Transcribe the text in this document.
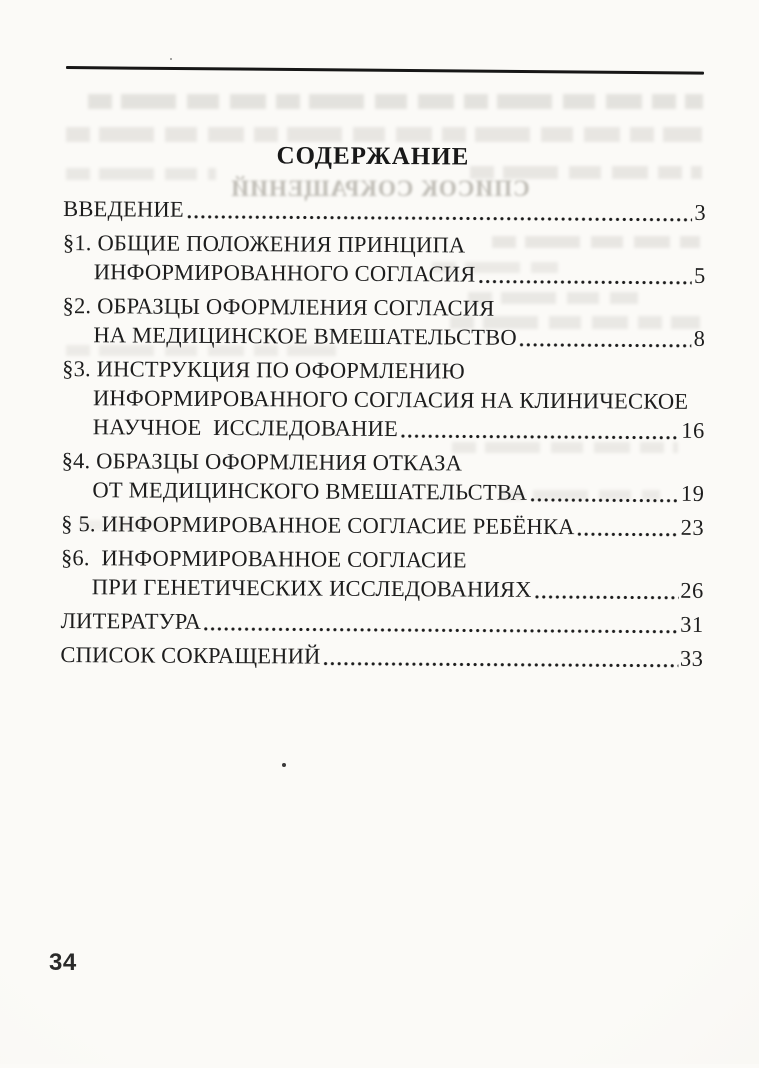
СПИСОК СОКРАЩЕНИЙ
СОДЕРЖАНИЕ
ВВЕДЕНИЕ	3
§1. ОБЩИЕ ПОЛОЖЕНИЯ ПРИНЦИПА
ИНФОРМИРОВАННОГО СОГЛАСИЯ	5
§2. ОБРАЗЦЫ ОФОРМЛЕНИЯ СОГЛАСИЯ
НА МЕДИЦИНСКОЕ ВМЕШАТЕЛЬСТВО	8
§3. ИНСТРУКЦИЯ ПО ОФОРМЛЕНИЮ
ИНФОРМИРОВАННОГО СОГЛАСИЯ НА КЛИНИЧЕСКОЕ
НАУЧНОЕ  ИССЛЕДОВАНИЕ	16
§4. ОБРАЗЦЫ ОФОРМЛЕНИЯ ОТКАЗА
ОТ МЕДИЦИНСКОГО ВМЕШАТЕЛЬСТВА	19
§ 5. ИНФОРМИРОВАННОЕ СОГЛАСИЕ РЕБЁНКА	23
§6.  ИНФОРМИРОВАННОЕ СОГЛАСИЕ
ПРИ ГЕНЕТИЧЕСКИХ ИССЛЕДОВАНИЯХ	26
ЛИТЕРАТУРА	31
СПИСОК СОКРАЩЕНИЙ	33
34
